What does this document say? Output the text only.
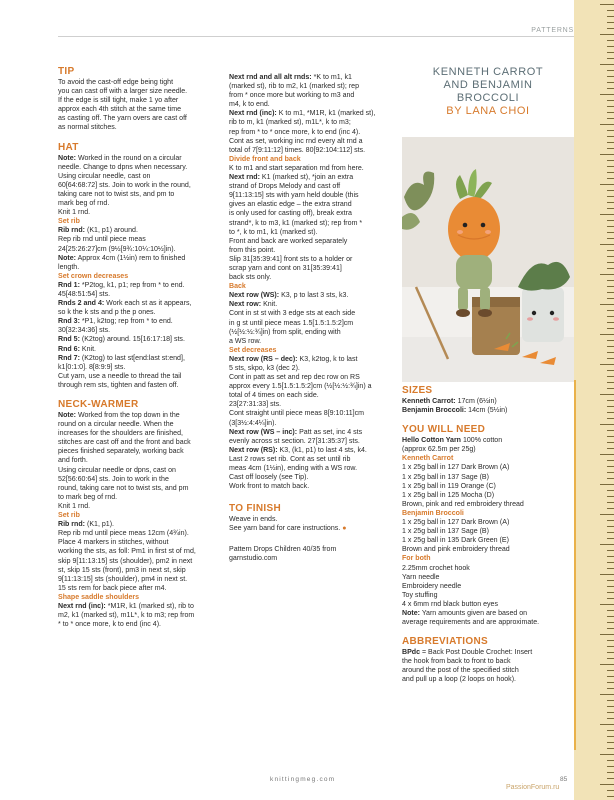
PATTERNS

TIP

To avoid the cast-off edge being tight

you can cast off with a larger size needle.

If the edge is still tight, make 1 yo after

approx each 4th stitch at the same time

as casting off. The yarn overs are cast off

as normal stitches.

HAT

Note: Worked in the round on a circular

needle. Change to dpns when necessary.

Using circular needle, cast on

60[64:68:72] sts. Join to work in the round,

taking care not to twist sts, and pm to

mark beg of rnd.

Knit 1 rnd.

Set rib

Rib rnd: (K1, p1) around.

Rep rib rnd until piece meas

24[25:26:27]cm (9½[9¾:10¼:10½]in).

Note: Approx 4cm (1½in) rem to finished

length.

Set crown decreases

Rnd 1: *P2tog, k1, p1; rep from * to end.

45[48:51:54] sts.

Rnds 2 and 4: Work each st as it appears,

so k the k sts and p the p ones.

Rnd 3: *P1, k2tog; rep from * to end.

30[32:34:36] sts.

Rnd 5: (K2tog) around. 15[16:17:18] sts.

Rnd 6: Knit.

Rnd 7: (K2tog) to last st[end:last st:end],

k1[0:1:0]. 8[8:9:9] sts.

Cut yarn, use a needle to thread the tail

through rem sts, tighten and fasten off.

NECK-WARMER

Note: Worked from the top down in the

round on a circular needle. When the

increases for the shoulders are finished,

stitches are cast off and the front and back

pieces finished separately, working back

and forth.

Using circular needle or dpns, cast on

52[56:60:64] sts. Join to work in the

round, taking care not to twist sts, and pm

to mark beg of rnd.

Knit 1 rnd.

Set rib

Rib rnd: (K1, p1).

Rep rib rnd until piece meas 12cm (4¾in).

Place 4 markers in stitches, without

working the sts, as foll: Pm1 in first st of rnd,

skip 9[11:13:15] sts (shoulder), pm2 in next

st, skip 15 sts (front), pm3 in next st, skip

9[11:13:15] sts (shoulder), pm4 in next st.

15 sts rem for back piece after m4.

Shape saddle shoulders

Next rnd (inc): *M1R, k1 (marked st), rib to

m2, k1 (marked st), m1L*, k to m3; rep from

* to * once more, k to end (inc 4).

Next rnd and all alt rnds: *K to m1, k1

(marked st), rib to m2, k1 (marked st); rep

from * once more but working to m3 and

m4, k to end.

Next rnd (inc): K to m1, *M1R, k1 (marked st),

rib to m, k1 (marked st), m1L*, k to m3;

rep from * to * once more, k to end (inc 4).

Cont as set, working inc rnd every alt rnd a

total of 7[9:11:12] times. 80[92:104:112] sts.

Divide front and back

K to m1 and start separation rnd from here.

Next rnd: K1 (marked st), *join an extra

strand of Drops Melody and cast off

9[11:13:15] sts with yarn held double (this

gives an elastic edge – the extra strand

is only used for casting off), break extra

strand*, k to m3, k1 (marked st); rep from *

to *, k to m1, k1 (marked st).

Front and back are worked separately

from this point.

Slip 31[35:39:41] front sts to a holder or

scrap yarn and cont on 31[35:39:41]

back sts only.

Back

Next row (WS): K3, p to last 3 sts, k3.

Next row: Knit.

Cont in st st with 3 edge sts at each side

in g st until piece meas 1.5[1.5:1.5:2]cm

(½[½:½:¾]in) from split, ending with

a WS row.

Set decreases

Next row (RS – dec): K3, k2tog, k to last

5 sts, skpo, k3 (dec 2).

Cont in patt as set and rep dec row on RS

approx every 1.5[1.5:1.5:2]cm (½[½:½:¾]in) a

total of 4 times on each side.

23[27:31:33] sts.

Cont straight until piece meas 8[9:10:11]cm

(3[3½:4:4¼]in).

Next row (WS – inc): Patt as set, inc 4 sts

evenly across st section. 27[31:35:37] sts.

Next row (RS): K3, (k1, p1) to last 4 sts, k4.

Last 2 rows set rib. Cont as set until rib

meas 4cm (1½in), ending with a WS row.

Cast off loosely (see Tip).

Work front to match back.

TO FINISH

Weave in ends.

See yarn band for care instructions. ●

Pattern Drops Children 40/35 from

garnstudio.com

KENNETH CARROT
AND BENJAMIN
BROCCOLI
BY LANA CHOI

SIZES

Kenneth Carrot: 17cm (6½in)

Benjamin Broccoli: 14cm (5½in)

YOU WILL NEED

Hello Cotton Yarn 100% cotton

(approx 62.5m per 25g)

Kenneth Carrot

1 x 25g ball in 127 Dark Brown (A)

1 x 25g ball in 137 Sage (B)

1 x 25g ball in 119 Orange (C)

1 x 25g ball in 125 Mocha (D)

Brown, pink and red embroidery thread

Benjamin Broccoli

1 x 25g ball in 127 Dark Brown (A)

1 x 25g ball in 137 Sage (B)

1 x 25g ball in 135 Dark Green (E)

Brown and pink embroidery thread

For both

2.25mm crochet hook

Yarn needle

Embroidery needle

Toy stuffing

4 x 6mm rnd black button eyes

Note: Yarn amounts given are based on

average requirements and are approximate.

ABBREVIATIONS

BPdc = Back Post Double Crochet: Insert

the hook from back to front to back

around the post of the specified stitch

and pull up a loop (2 loops on hook).

knittingmeg.com	85
PassionForum.ru
